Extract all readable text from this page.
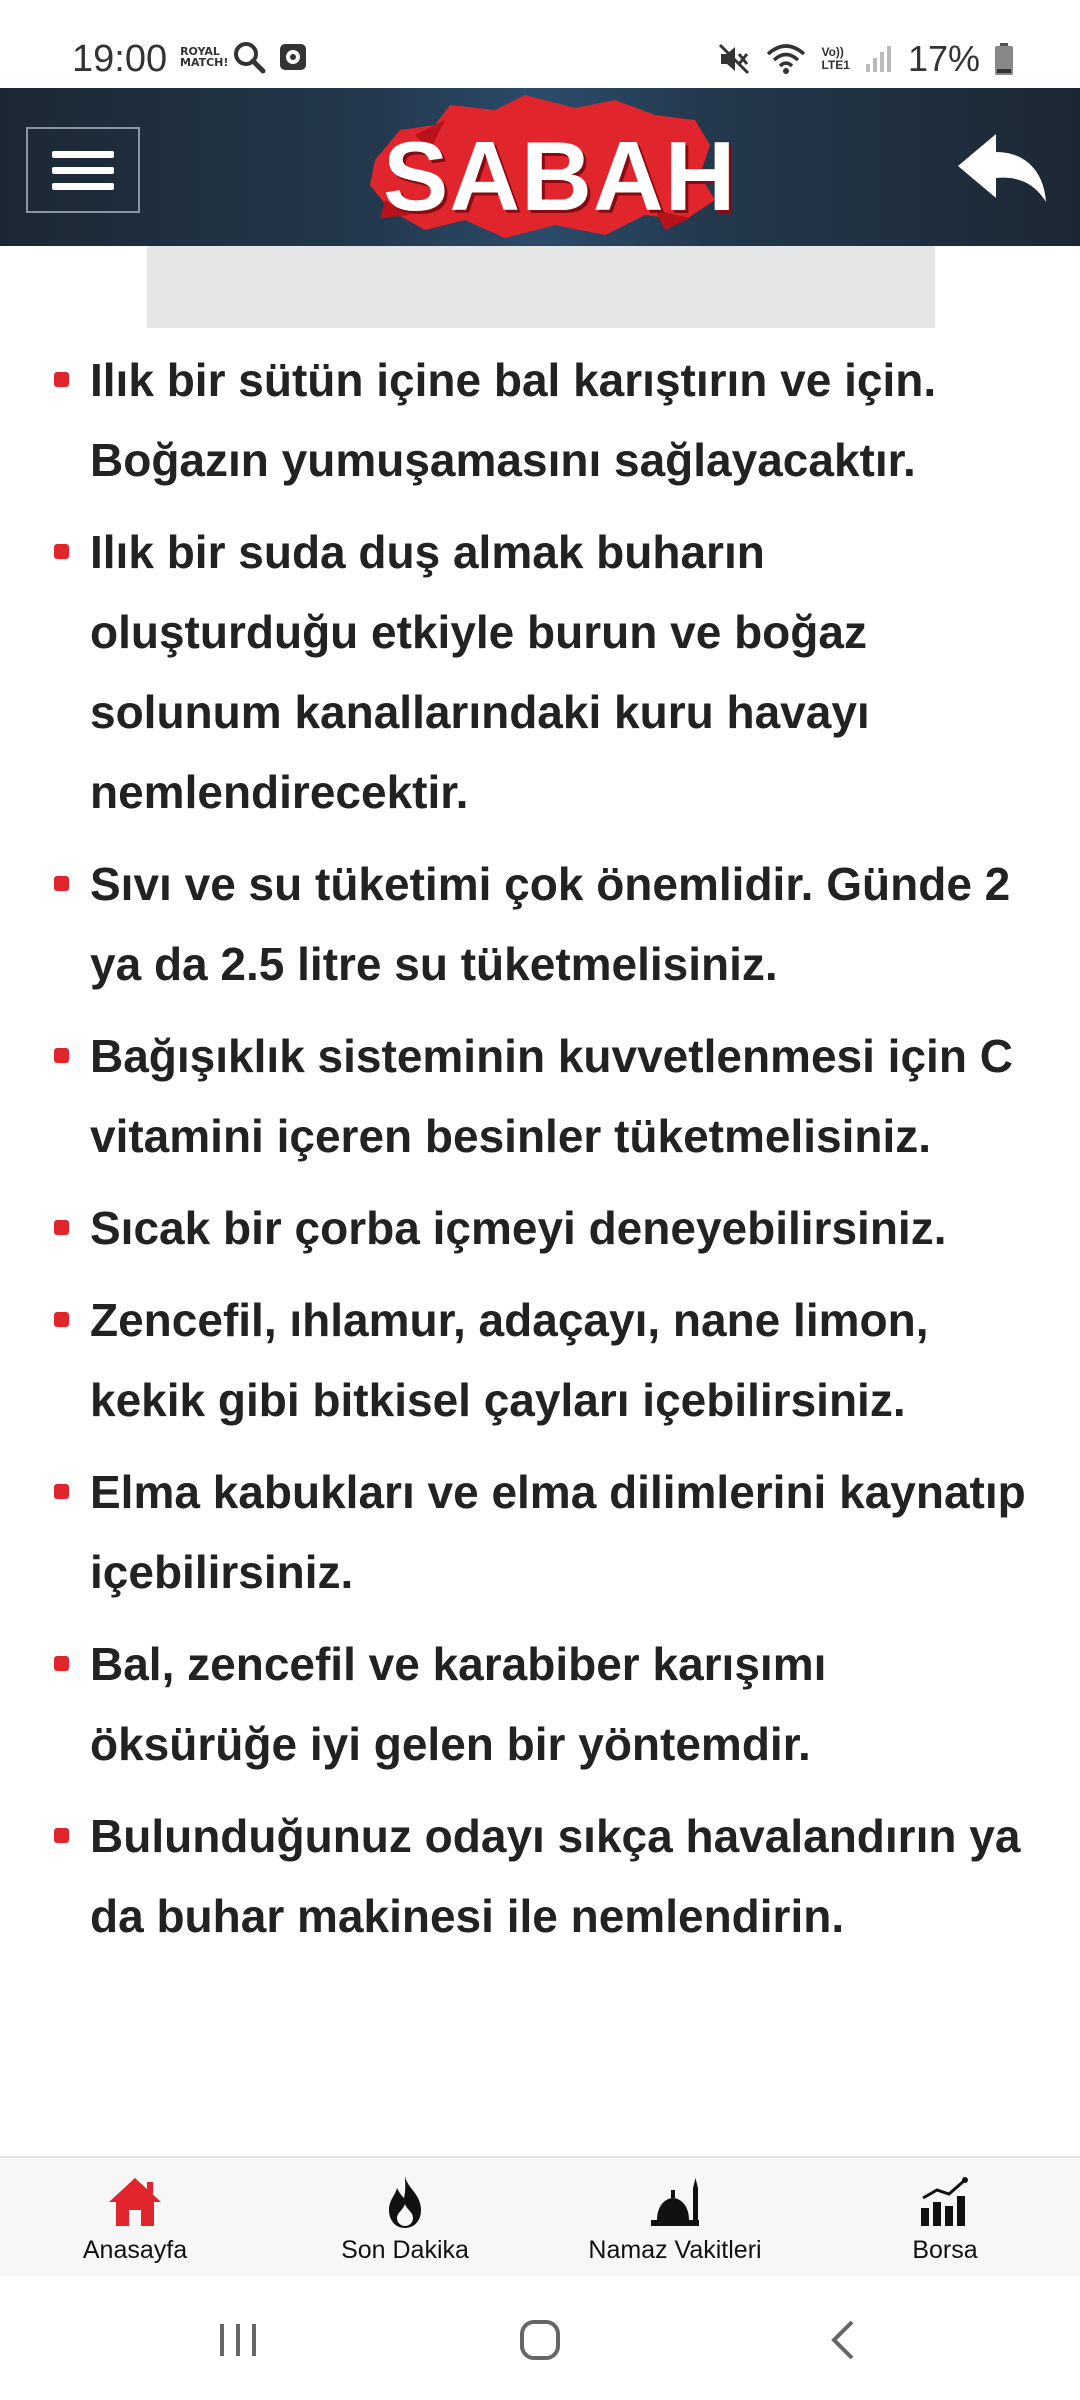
19:00 ROYAL MATCH!
Vo))
LTE1 17%
SABAH
Ilık bir sütün içine bal karıştırın ve için. Boğazın yumuşamasını sağlayacaktır.
Ilık bir suda duş almak buharın oluşturduğu etkiyle burun ve boğaz solunum kanallarındaki kuru havayı nemlendirecektir.
Sıvı ve su tüketimi çok önemlidir. Günde 2 ya da 2.5 litre su tüketmelisiniz.
Bağışıklık sisteminin kuvvetlenmesi için C vitamini içeren besinler tüketmelisiniz.
Sıcak bir çorba içmeyi deneyebilirsiniz.
Zencefil, ıhlamur, adaçayı, nane limon, kekik gibi bitkisel çayları içebilirsiniz.
Elma kabukları ve elma dilimlerini kaynatıp içebilirsiniz.
Bal, zencefil ve karabiber karışımı öksürüğe iyi gelen bir yöntemdir.
Bulunduğunuz odayı sıkça havalandırın ya da buhar makinesi ile nemlendirin.
Anasayfa	Son Dakika	Namaz Vakitleri	Borsa
